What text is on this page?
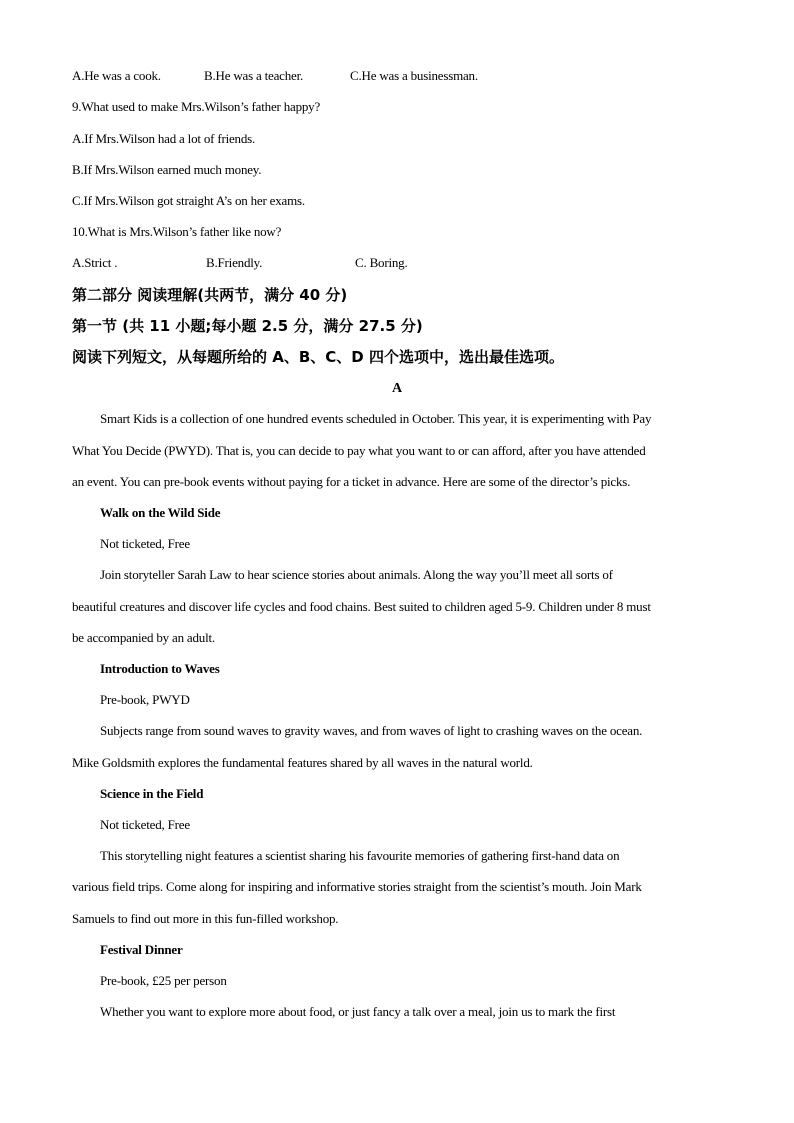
A.He was a cook.	B.He was a teacher.	C.He was a businessman.
9.What used to make Mrs.Wilson’s father happy?
A.If Mrs.Wilson had a lot of friends.
B.If Mrs.Wilson earned much money.
C.If Mrs.Wilson got straight A’s on her exams.
10.What is Mrs.Wilson’s father like now?
A.Strict .	B.Friendly.	C. Boring.
第二部分 阅读理解(共两节，满分 40 分)
第一节 (共 11 小题;每小题 2.5 分，满分 27.5 分)
阅读下列短文，从每题所给的 A、B、C、D 四个选项中，选出最佳选项。
A
Smart Kids is a collection of one hundred events scheduled in October. This year, it is experimenting with Pay
What You Decide (PWYD). That is, you can decide to pay what you want to or can afford, after you have attended
an event. You can pre-book events without paying for a ticket in advance. Here are some of the director’s picks.
Walk on the Wild Side
Not ticketed, Free
Join storyteller Sarah Law to hear science stories about animals. Along the way you’ll meet all sorts of
beautiful creatures and discover life cycles and food chains. Best suited to children aged 5-9. Children under 8 must
be accompanied by an adult.
Introduction to Waves
Pre-book, PWYD
Subjects range from sound waves to gravity waves, and from waves of light to crashing waves on the ocean.
Mike Goldsmith explores the fundamental features shared by all waves in the natural world.
Science in the Field
Not ticketed, Free
This storytelling night features a scientist sharing his favourite memories of gathering first-hand data on
various field trips. Come along for inspiring and informative stories straight from the scientist’s mouth. Join Mark
Samuels to find out more in this fun-filled workshop.
Festival Dinner
Pre-book, £25 per person
Whether you want to explore more about food, or just fancy a talk over a meal, join us to mark the first
